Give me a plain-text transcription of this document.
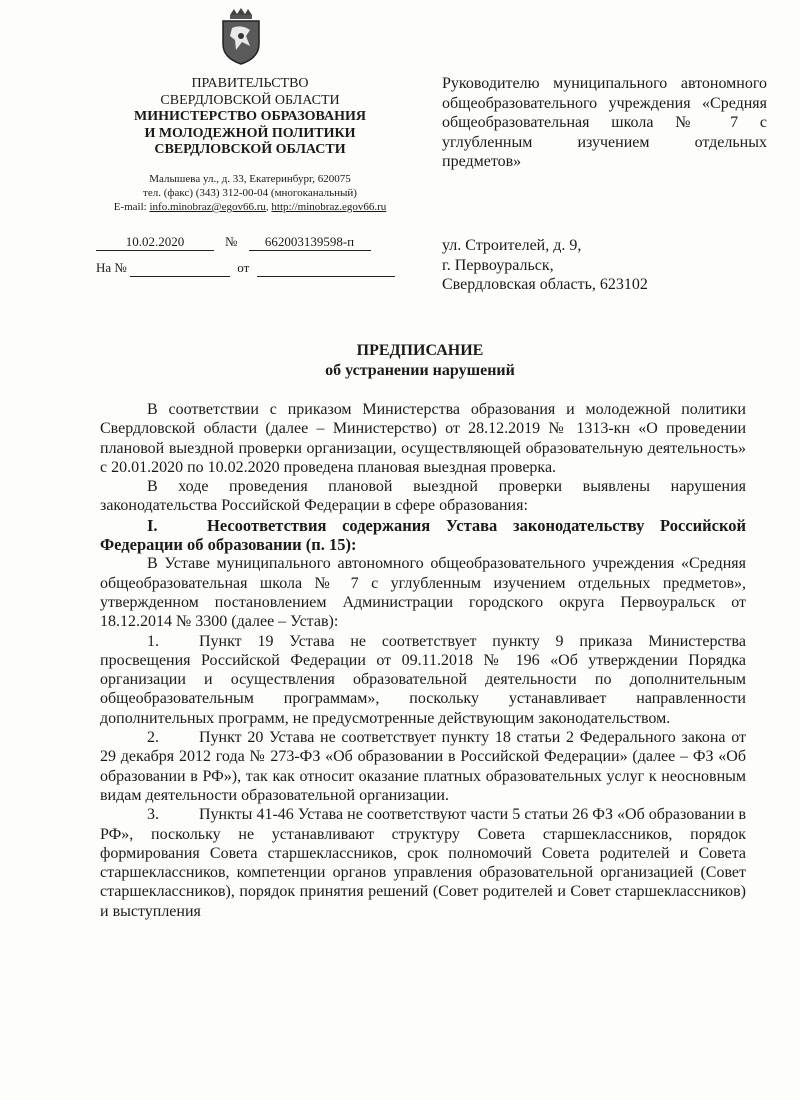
ПРАВИТЕЛЬСТВО
СВЕРДЛОВСКОЙ ОБЛАСТИ
МИНИСТЕРСТВО ОБРАЗОВАНИЯ
И МОЛОДЕЖНОЙ ПОЛИТИКИ
СВЕРДЛОВСКОЙ ОБЛАСТИ
Малышева ул., д. 33, Екатеринбург, 620075
тел. (факс) (343) 312-00-04 (многоканальный)
E-mail: info.minobraz@egov66.ru, http://minobraz.egov66.ru
10.02.2020	№ 662003139598-п
На №	от
Руководителю муниципального автономного общеобразовательного учреждения «Средняя общеобразовательная школа № 7 с углубленным изучением отдельных предметов»
ул. Строителей, д. 9,
г. Первоуральск,
Свердловская область, 623102
ПРЕДПИСАНИЕ
об устранении нарушений

В соответствии с приказом Министерства образования и молодежной политики Свердловской области (далее – Министерство) от 28.12.2019 № 1313-кн «О проведении плановой выездной проверки организации, осуществляющей образовательную деятельность» с 20.01.2020 по 10.02.2020 проведена плановая выездная проверка.

В ходе проведения плановой выездной проверки выявлены нарушения законодательства Российской Федерации в сфере образования:

I.	Несоответствия содержания Устава законодательству Российской Федерации об образовании (п. 15):

В Уставе муниципального автономного общеобразовательного учреждения «Средняя общеобразовательная школа № 7 с углубленным изучением отдельных предметов», утвержденном постановлением Администрации городского округа Первоуральск от 18.12.2014 № 3300 (далее – Устав):

1.	Пункт 19 Устава не соответствует пункту 9 приказа Министерства просвещения Российской Федерации от 09.11.2018 № 196 «Об утверждении Порядка организации и осуществления образовательной деятельности по дополнительным общеобразовательным программам», поскольку устанавливает направленности дополнительных программ, не предусмотренные действующим законодательством.

2.	Пункт 20 Устава не соответствует пункту 18 статьи 2 Федерального закона от 29 декабря 2012 года № 273-ФЗ «Об образовании в Российской Федерации» (далее – ФЗ «Об образовании в РФ»), так как относит оказание платных образовательных услуг к неосновным видам деятельности образовательной организации.

3.	Пункты 41-46 Устава не соответствуют части 5 статьи 26 ФЗ «Об образовании в РФ», поскольку не устанавливают структуру Совета старшеклассников, порядок формирования Совета старшеклассников, срок полномочий Совета родителей и Совета старшеклассников, компетенции органов управления образовательной организацией (Совет старшеклассников), порядок принятия решений (Совет родителей и Совет старшеклассников) и выступления
